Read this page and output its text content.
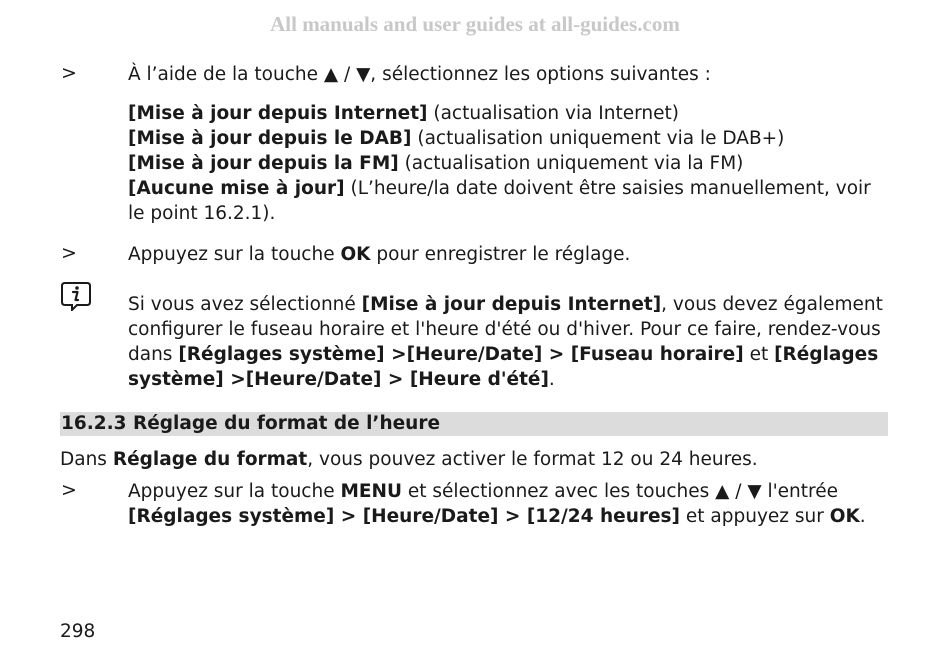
All manuals and user guides at all-guides.com
>	À l’aide de la touche ▲ / ▼, sélectionnez les options suivantes :
[Mise à jour depuis Internet] (actualisation via Internet)
[Mise à jour depuis le DAB] (actualisation uniquement via le DAB+)
[Mise à jour depuis la FM] (actualisation uniquement via la FM)
[Aucune mise à jour] (L’heure/la date doivent être saisies manuellement, voir le point 16.2.1).
>	Appuyez sur la touche OK pour enregistrer le réglage.
Si vous avez sélectionné [Mise à jour depuis Internet], vous devez également configurer le fuseau horaire et l'heure d'été ou d'hiver. Pour ce faire, rendez-vous dans [Réglages système] >[Heure/Date] > [Fuseau horaire] et [Réglages système] >[Heure/Date] > [Heure d'été].
16.2.3 Réglage du format de l’heure
Dans Réglage du format, vous pouvez activer le format 12 ou 24 heures.
>	Appuyez sur la touche MENU et sélectionnez avec les touches ▲ / ▼ l'entrée [Réglages système] > [Heure/Date] > [12/24 heures] et appuyez sur OK.
298
